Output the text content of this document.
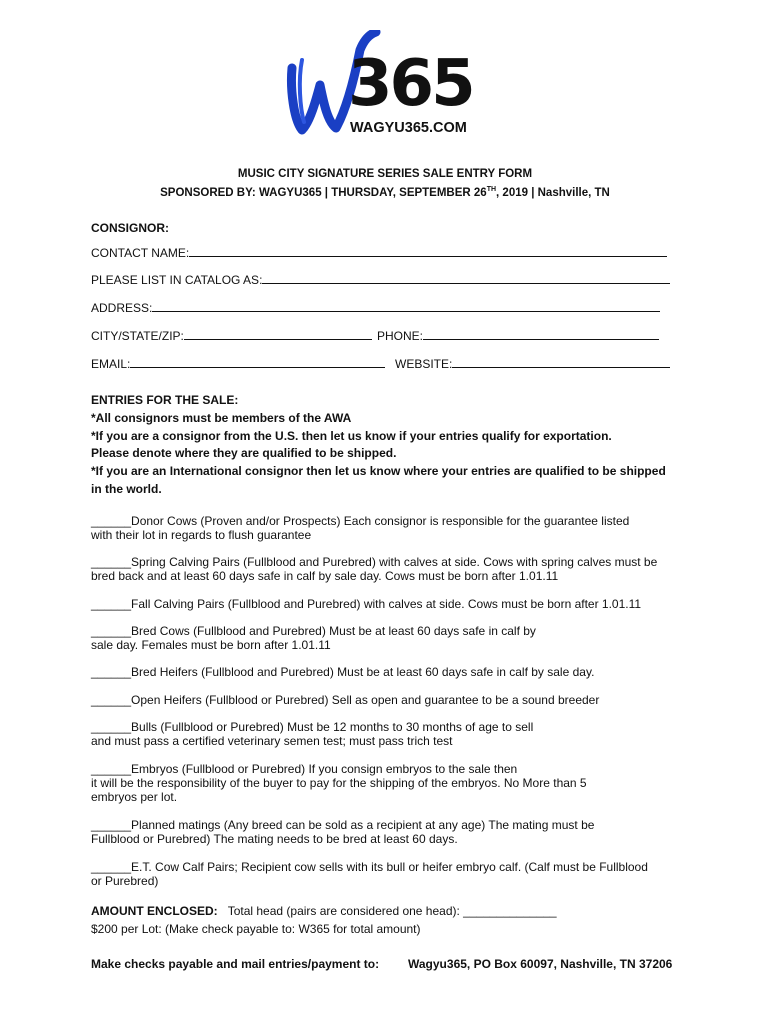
365
WAGYU365.COM
MUSIC CITY SIGNATURE SERIES SALE ENTRY FORM
SPONSORED BY: WAGYU365 | THURSDAY, SEPTEMBER 26TH, 2019 | Nashville, TN
CONSIGNOR:
CONTACT NAME:
PLEASE LIST IN CATALOG AS:
ADDRESS:
CITY/STATE/ZIP:	PHONE:
EMAIL:	WEBSITE:
ENTRIES FOR THE SALE:
*All consignors must be members of the AWA
*If you are a consignor from the U.S. then let us know if your entries qualify for exportation.
Please denote where they are qualified to be shipped.
*If you are an International consignor then let us know where your entries are qualified to be shipped
in the world.
______Donor Cows (Proven and/or Prospects) Each consignor is responsible for the guarantee listed
with their lot in regards to flush guarantee
______Spring Calving Pairs (Fullblood and Purebred) with calves at side. Cows with spring calves must be
bred back and at least 60 days safe in calf by sale day. Cows must be born after 1.01.11
______Fall Calving Pairs (Fullblood and Purebred) with calves at side. Cows must be born after 1.01.11
______Bred Cows (Fullblood and Purebred) Must be at least 60 days safe in calf by
sale day. Females must be born after 1.01.11
______Bred Heifers (Fullblood and Purebred) Must be at least 60 days safe in calf by sale day.
______Open Heifers (Fullblood or Purebred) Sell as open and guarantee to be a sound breeder
______Bulls (Fullblood or Purebred) Must be 12 months to 30 months of age to sell
and must pass a certified veterinary semen test; must pass trich test
______Embryos (Fullblood or Purebred) If you consign embryos to the sale then
it will be the responsibility of the buyer to pay for the shipping of the embryos. No More than 5
embryos per lot.
______Planned matings (Any breed can be sold as a recipient at any age) The mating must be
Fullblood or Purebred) The mating needs to be bred at least 60 days.
______E.T. Cow Calf Pairs; Recipient cow sells with its bull or heifer embryo calf. (Calf must be Fullblood
or Purebred)
AMOUNT ENCLOSED: Total head (pairs are considered one head): ______________
$200 per Lot: (Make check payable to: W365 for total amount)
Make checks payable and mail entries/payment to: Wagyu365, PO Box 60097, Nashville, TN 37206
